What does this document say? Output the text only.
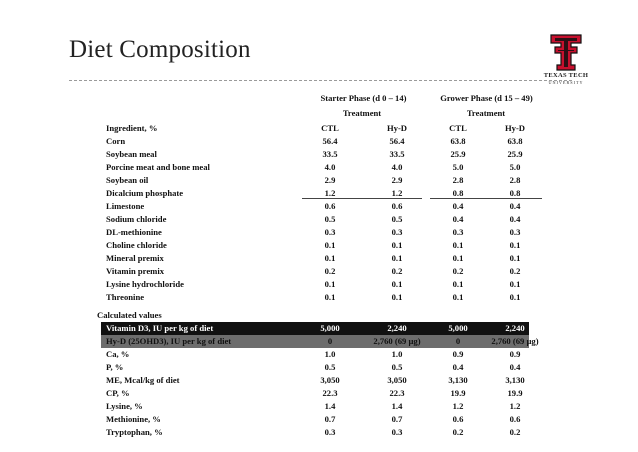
Diet Composition
TEXAS TECH
UNIVERSITY
Starter Phase (d 0 – 14)	Grower Phase (d 15 – 49)
Treatment	Treatment
Ingredient, %	CTL	Hy-D	CTL	Hy-D
Corn	56.4	56.4	63.8	63.8
Soybean meal	33.5	33.5	25.9	25.9
Porcine meat and bone meal	4.0	4.0	5.0	5.0
Soybean oil	2.9	2.9	2.8	2.8
Dicalcium phosphate	1.2	1.2	0.8	0.8
Limestone	0.6	0.6	0.4	0.4
Sodium chloride	0.5	0.5	0.4	0.4
DL-methionine	0.3	0.3	0.3	0.3
Choline chloride	0.1	0.1	0.1	0.1
Mineral premix	0.1	0.1	0.1	0.1
Vitamin premix	0.2	0.2	0.2	0.2
Lysine hydrochloride	0.1	0.1	0.1	0.1
Threonine	0.1	0.1	0.1	0.1
Calculated values
Vitamin D3, IU per kg of diet	5,000	2,240	5,000	2,240
Hy-D (25OHD3), IU per kg of diet	0	2,760 (69 µg)	0	2,760 (69 µg)
Ca, %	1.0	1.0	0.9	0.9
P, %	0.5	0.5	0.4	0.4
ME, Mcal/kg of diet	3,050	3,050	3,130	3,130
CP, %	22.3	22.3	19.9	19.9
Lysine, %	1.4	1.4	1.2	1.2
Methionine, %	0.7	0.7	0.6	0.6
Tryptophan, %	0.3	0.3	0.2	0.2
